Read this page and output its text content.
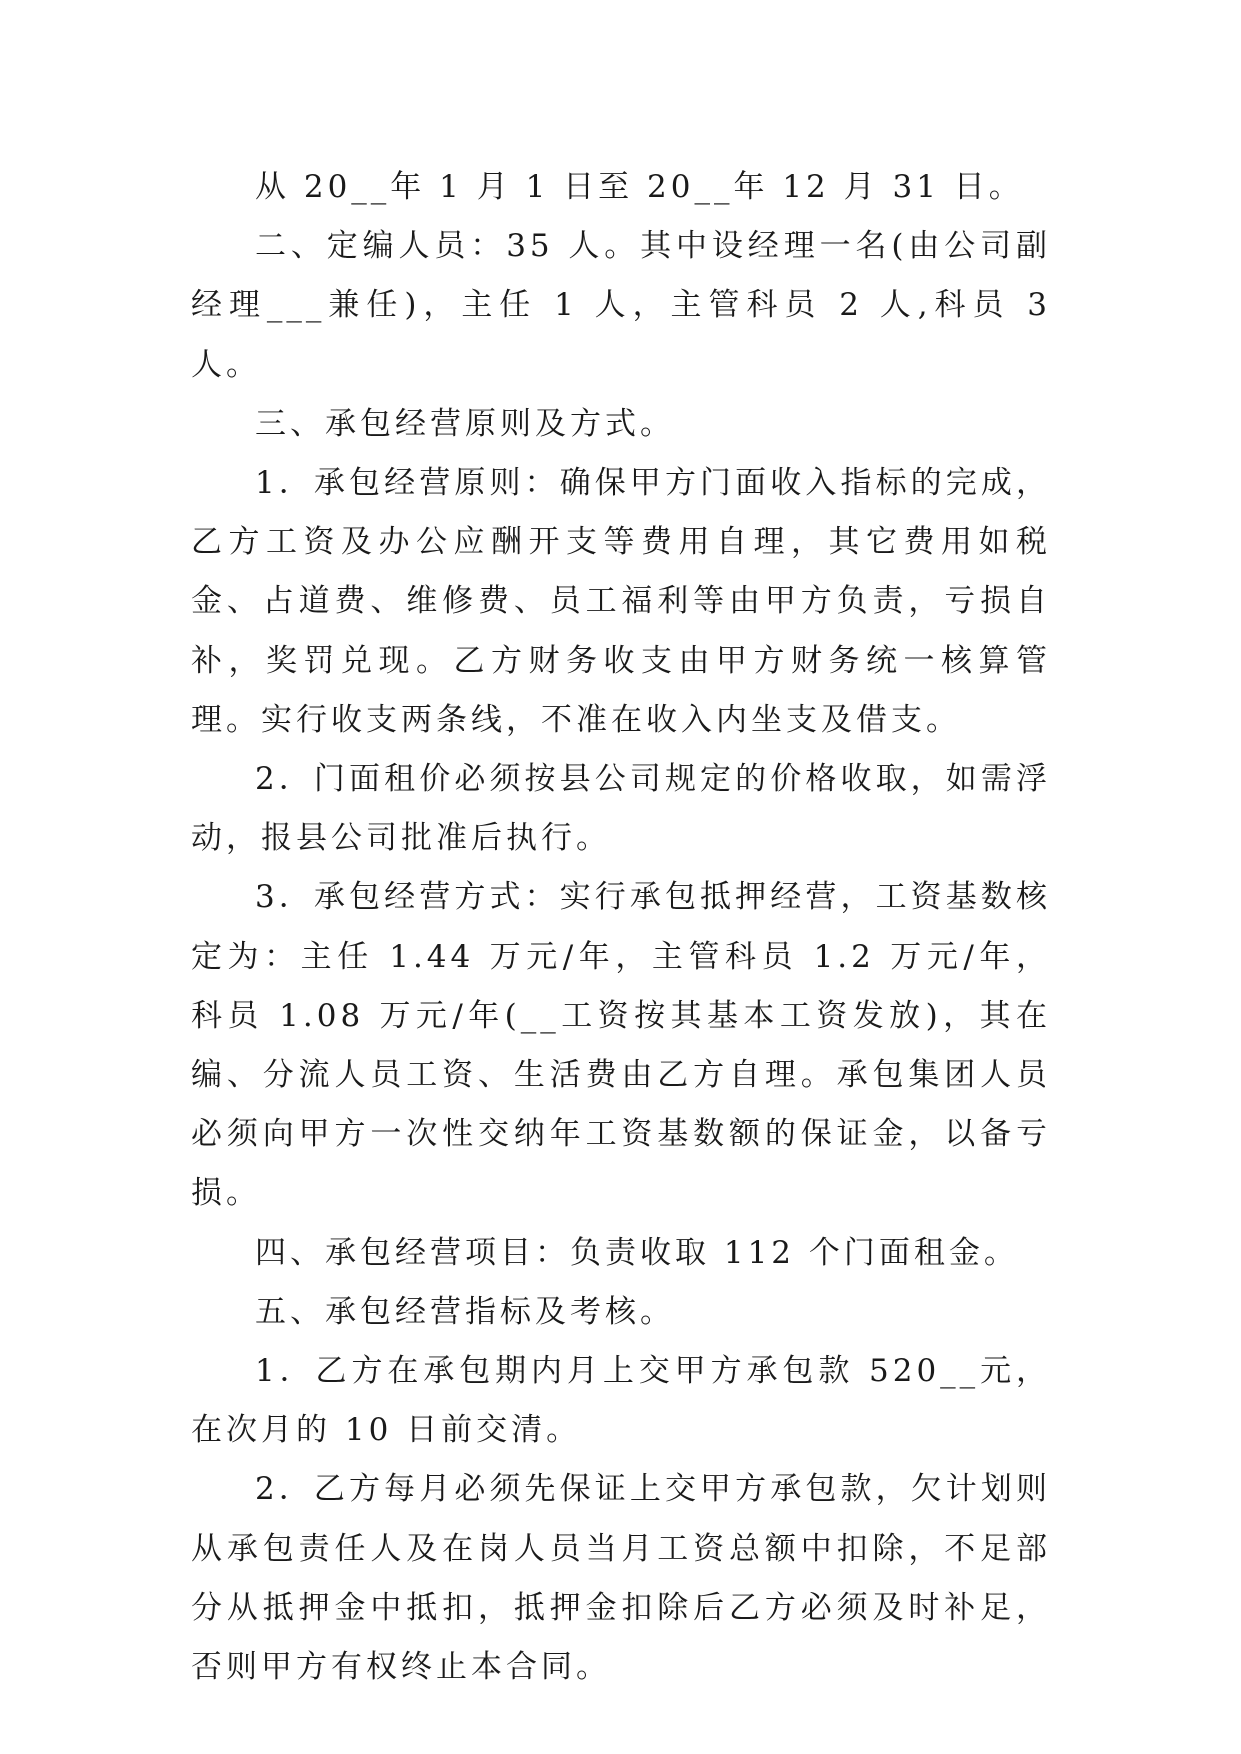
从 20__年 1 月 1 日至 20__年 12 月 31 日。

二、定编人员：35 人。其中设经理一名(由公司副经理___兼任)，主任 1 人，主管科员 2 人,科员 3 人。

三、承包经营原则及方式。

1．承包经营原则：确保甲方门面收入指标的完成，乙方工资及办公应酬开支等费用自理，其它费用如税金、占道费、维修费、员工福利等由甲方负责，亏损自补，奖罚兑现。乙方财务收支由甲方财务统一核算管理。实行收支两条线，不准在收入内坐支及借支。

2．门面租价必须按县公司规定的价格收取，如需浮动，报县公司批准后执行。

3．承包经营方式：实行承包抵押经营，工资基数核定为：主任 1.44 万元/年，主管科员 1.2 万元/年，科员 1.08 万元/年(__工资按其基本工资发放)，其在编、分流人员工资、生活费由乙方自理。承包集团人员必须向甲方一次性交纳年工资基数额的保证金，以备亏损。

四、承包经营项目：负责收取 112 个门面租金。

五、承包经营指标及考核。

1．乙方在承包期内月上交甲方承包款 520__元，在次月的 10 日前交清。

2．乙方每月必须先保证上交甲方承包款，欠计划则从承包责任人及在岗人员当月工资总额中扣除，不足部分从抵押金中抵扣，抵押金扣除后乙方必须及时补足，否则甲方有权终止本合同。
